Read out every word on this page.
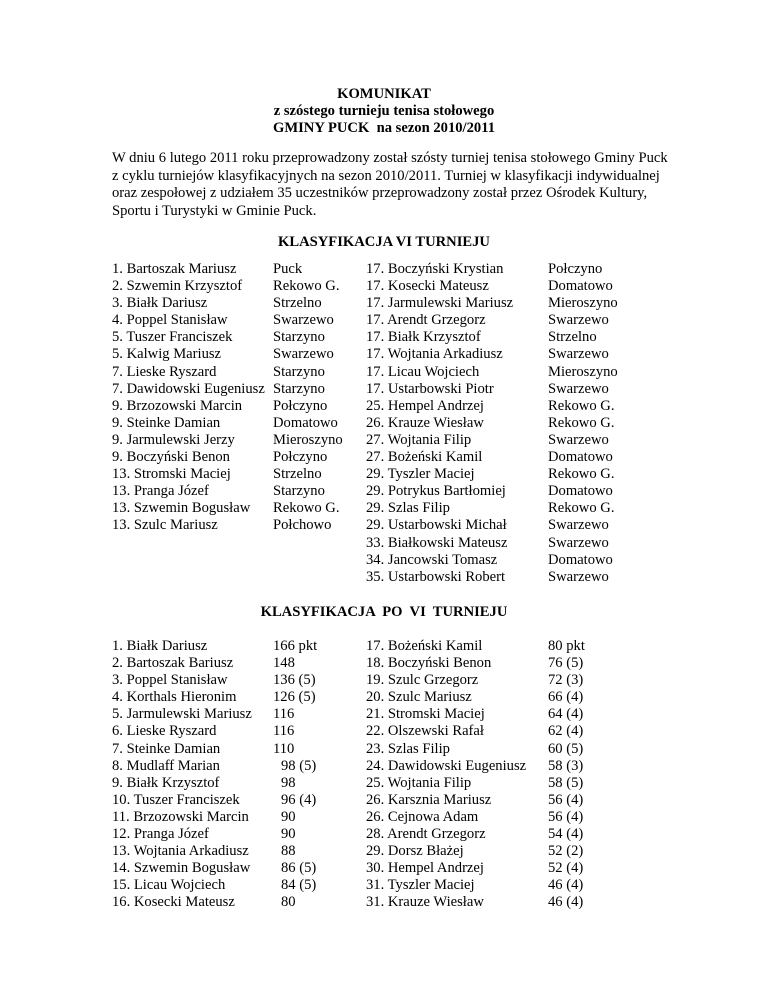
KOMUNIKAT
z szóstego turnieju tenisa stołowego
GMINY PUCK  na sezon 2010/2011
W dniu 6 lutego 2011 roku przeprowadzony został szósty turniej tenisa stołowego Gminy Puck z cyklu turniejów klasyfikacyjnych na sezon 2010/2011. Turniej w klasyfikacji indywidualnej oraz zespołowej z udziałem 35 uczestników przeprowadzony został przez Ośrodek Kultury, Sportu i Turystyki w Gminie Puck.
KLASYFIKACJA VI TURNIEJU
1. Bartoszak Mariusz
2. Szwemin Krzysztof
3. Białk Dariusz
4. Poppel Stanisław
5. Tuszer Franciszek
5. Kalwig Mariusz
7. Lieske Ryszard
7. Dawidowski Eugeniusz
9. Brzozowski Marcin
9. Steinke Damian
9. Jarmulewski Jerzy
9. Boczyński Benon
13. Stromski Maciej
13. Pranga Józef
13. Szwemin Bogusław
13. Szulc Mariusz
Puck
Rekowo G.
Strzelno
Swarzewo
Starzyno
Swarzewo
Starzyno
Starzyno
Połczyno
Domatowo
Mieroszyno
Połczyno
Strzelno
Starzyno
Rekowo G.
Połchowo
17. Boczyński Krystian
17. Kosecki Mateusz
17. Jarmulewski Mariusz
17. Arendt Grzegorz
17. Białk Krzysztof
17. Wojtania Arkadiusz
17. Licau Wojciech
17. Ustarbowski Piotr
25. Hempel Andrzej
26. Krauze Wiesław
27. Wojtania Filip
27. Bożeński Kamil
29. Tyszler Maciej
29. Potrykus Bartłomiej
29. Szlas Filip
29. Ustarbowski Michał
33. Białkowski Mateusz
34. Jancowski Tomasz
35. Ustarbowski Robert
Połczyno
Domatowo
Mieroszyno
Swarzewo
Strzelno
Swarzewo
Mieroszyno
Swarzewo
Rekowo G.
Rekowo G.
Swarzewo
Domatowo
Rekowo G.
Domatowo
Rekowo G.
Swarzewo
Swarzewo
Domatowo
Swarzewo
KLASYFIKACJA  PO  VI  TURNIEJU
1. Białk Dariusz
2. Bartoszak Bariusz
3. Poppel Stanisław
4. Korthals Hieronim
5. Jarmulewski Mariusz
6. Lieske Ryszard
7. Steinke Damian
8. Mudlaff Marian
9. Białk Krzysztof
10. Tuszer Franciszek
11. Brzozowski Marcin
12. Pranga Józef
13. Wojtania Arkadiusz
14. Szwemin Bogusław
15. Licau Wojciech
16. Kosecki Mateusz
166 pkt
148
136 (5)
126 (5)
116
116
110
98 (5)
98
96 (4)
90
90
88
86 (5)
84 (5)
80
17. Bożeński Kamil
18. Boczyński Benon
19. Szulc Grzegorz
20. Szulc Mariusz
21. Stromski Maciej
22. Olszewski Rafał
23. Szlas Filip
24. Dawidowski Eugeniusz
25. Wojtania Filip
26. Karsznia Mariusz
26. Cejnowa Adam
28. Arendt Grzegorz
29. Dorsz Błażej
30. Hempel Andrzej
31. Tyszler Maciej
31. Krauze Wiesław
80 pkt
76 (5)
72 (3)
66 (4)
64 (4)
62 (4)
60 (5)
58 (3)
58 (5)
56 (4)
56 (4)
54 (4)
52 (2)
52 (4)
46 (4)
46 (4)
